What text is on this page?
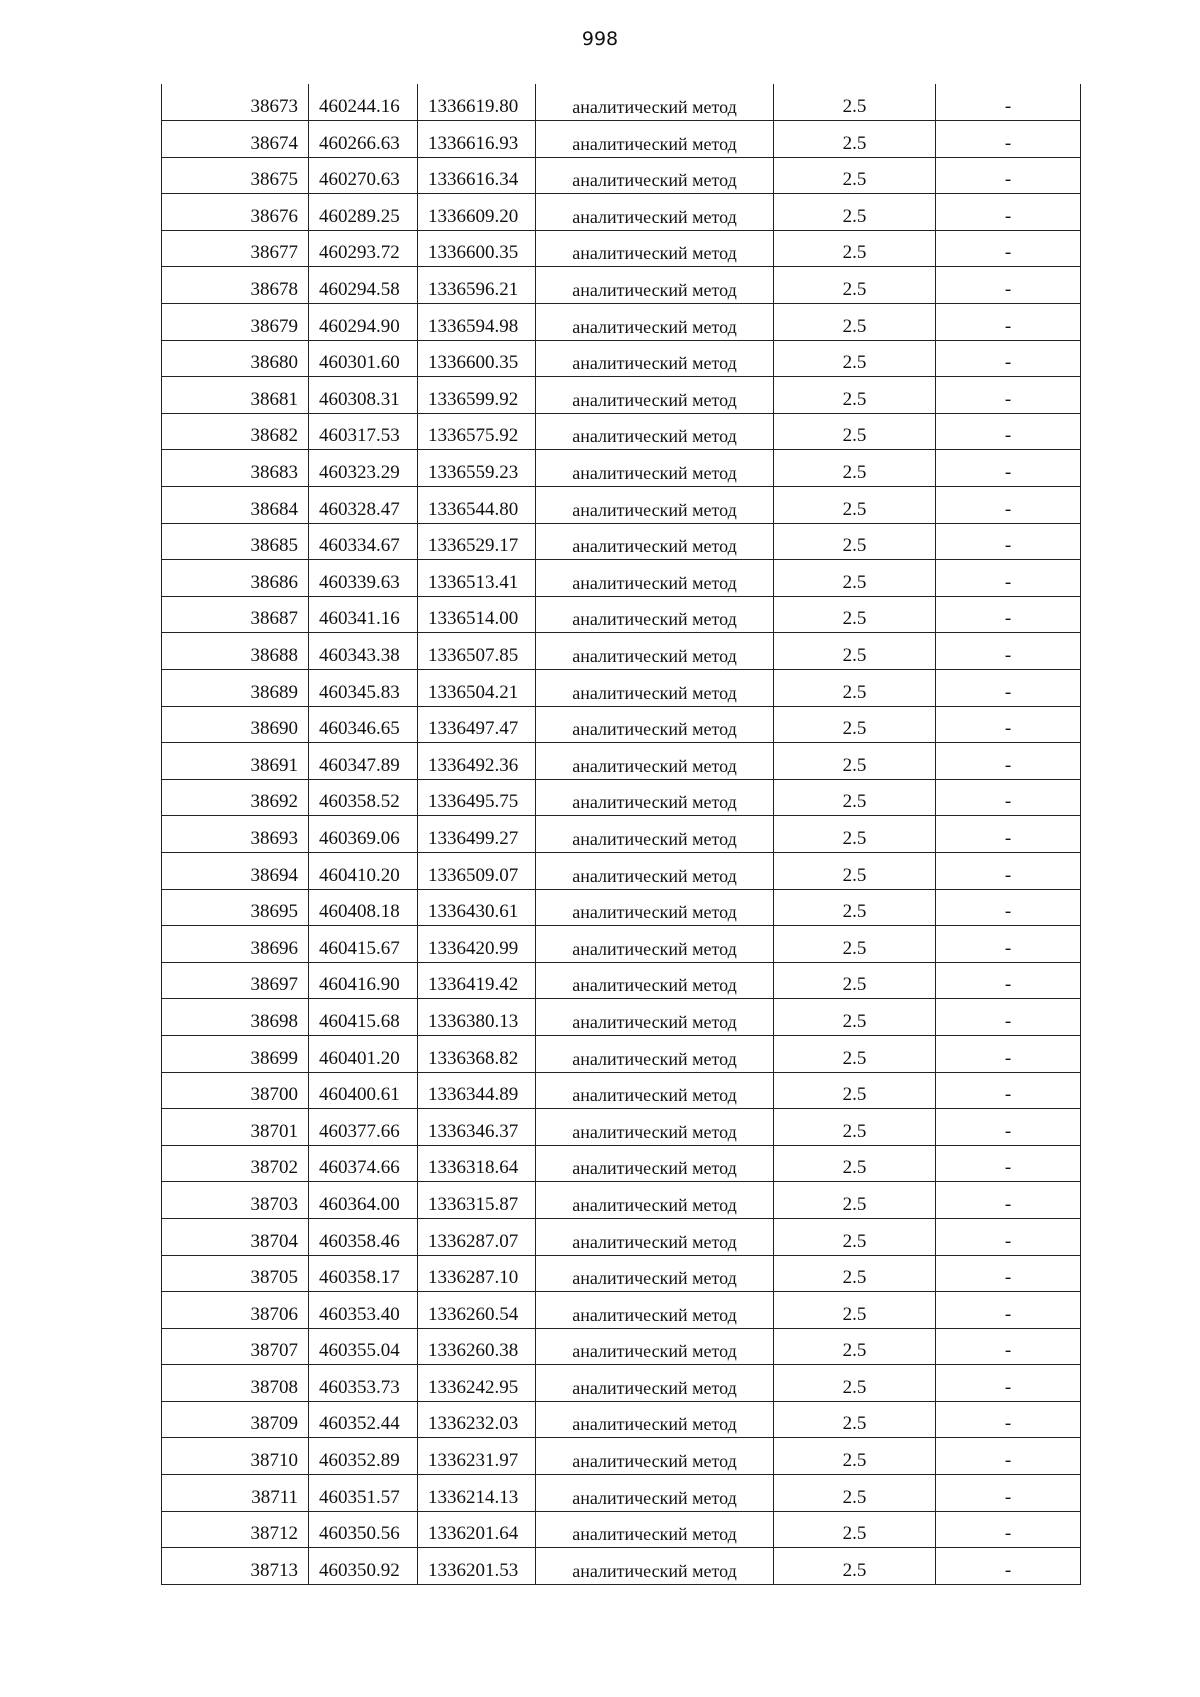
998
38673	460244.16	1336619.80	аналитический метод	2.5	-
38674	460266.63	1336616.93	аналитический метод	2.5	-
38675	460270.63	1336616.34	аналитический метод	2.5	-
38676	460289.25	1336609.20	аналитический метод	2.5	-
38677	460293.72	1336600.35	аналитический метод	2.5	-
38678	460294.58	1336596.21	аналитический метод	2.5	-
38679	460294.90	1336594.98	аналитический метод	2.5	-
38680	460301.60	1336600.35	аналитический метод	2.5	-
38681	460308.31	1336599.92	аналитический метод	2.5	-
38682	460317.53	1336575.92	аналитический метод	2.5	-
38683	460323.29	1336559.23	аналитический метод	2.5	-
38684	460328.47	1336544.80	аналитический метод	2.5	-
38685	460334.67	1336529.17	аналитический метод	2.5	-
38686	460339.63	1336513.41	аналитический метод	2.5	-
38687	460341.16	1336514.00	аналитический метод	2.5	-
38688	460343.38	1336507.85	аналитический метод	2.5	-
38689	460345.83	1336504.21	аналитический метод	2.5	-
38690	460346.65	1336497.47	аналитический метод	2.5	-
38691	460347.89	1336492.36	аналитический метод	2.5	-
38692	460358.52	1336495.75	аналитический метод	2.5	-
38693	460369.06	1336499.27	аналитический метод	2.5	-
38694	460410.20	1336509.07	аналитический метод	2.5	-
38695	460408.18	1336430.61	аналитический метод	2.5	-
38696	460415.67	1336420.99	аналитический метод	2.5	-
38697	460416.90	1336419.42	аналитический метод	2.5	-
38698	460415.68	1336380.13	аналитический метод	2.5	-
38699	460401.20	1336368.82	аналитический метод	2.5	-
38700	460400.61	1336344.89	аналитический метод	2.5	-
38701	460377.66	1336346.37	аналитический метод	2.5	-
38702	460374.66	1336318.64	аналитический метод	2.5	-
38703	460364.00	1336315.87	аналитический метод	2.5	-
38704	460358.46	1336287.07	аналитический метод	2.5	-
38705	460358.17	1336287.10	аналитический метод	2.5	-
38706	460353.40	1336260.54	аналитический метод	2.5	-
38707	460355.04	1336260.38	аналитический метод	2.5	-
38708	460353.73	1336242.95	аналитический метод	2.5	-
38709	460352.44	1336232.03	аналитический метод	2.5	-
38710	460352.89	1336231.97	аналитический метод	2.5	-
38711	460351.57	1336214.13	аналитический метод	2.5	-
38712	460350.56	1336201.64	аналитический метод	2.5	-
38713	460350.92	1336201.53	аналитический метод	2.5	-
